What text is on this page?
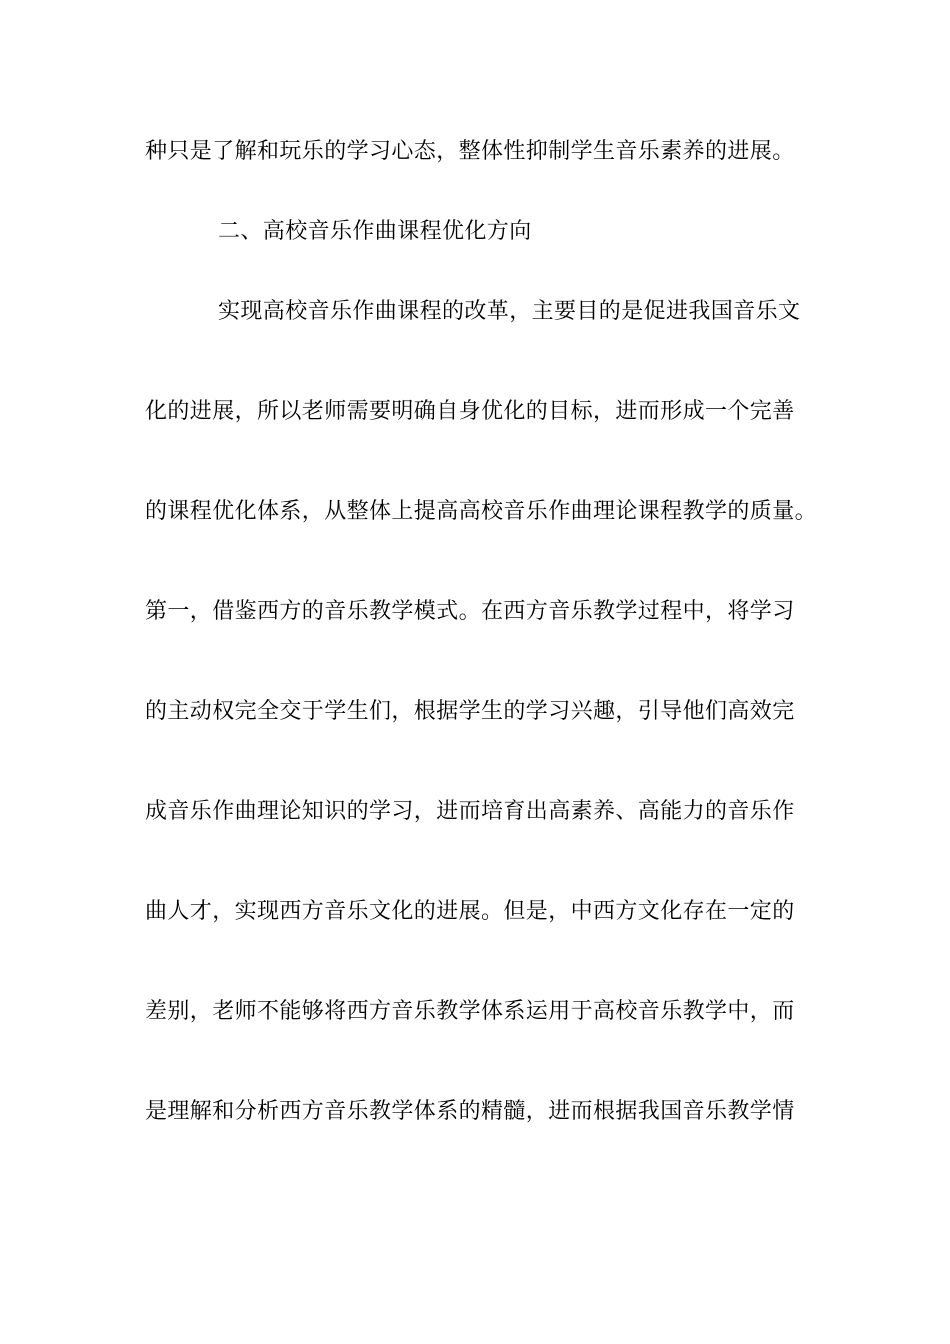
种只是了解和玩乐的学习心态，整体性抑制学生音乐素养的进展。
二、高校音乐作曲课程优化方向
实现高校音乐作曲课程的改革，主要目的是促进我国音乐文
化的进展，所以老师需要明确自身优化的目标，进而形成一个完善
的课程优化体系，从整体上提高高校音乐作曲理论课程教学的质量。
第一，借鉴西方的音乐教学模式。在西方音乐教学过程中，将学习
的主动权完全交于学生们，根据学生的学习兴趣，引导他们高效完
成音乐作曲理论知识的学习，进而培育出高素养、高能力的音乐作
曲人才，实现西方音乐文化的进展。但是，中西方文化存在一定的
差别，老师不能够将西方音乐教学体系运用于高校音乐教学中，而
是理解和分析西方音乐教学体系的精髓，进而根据我国音乐教学情
